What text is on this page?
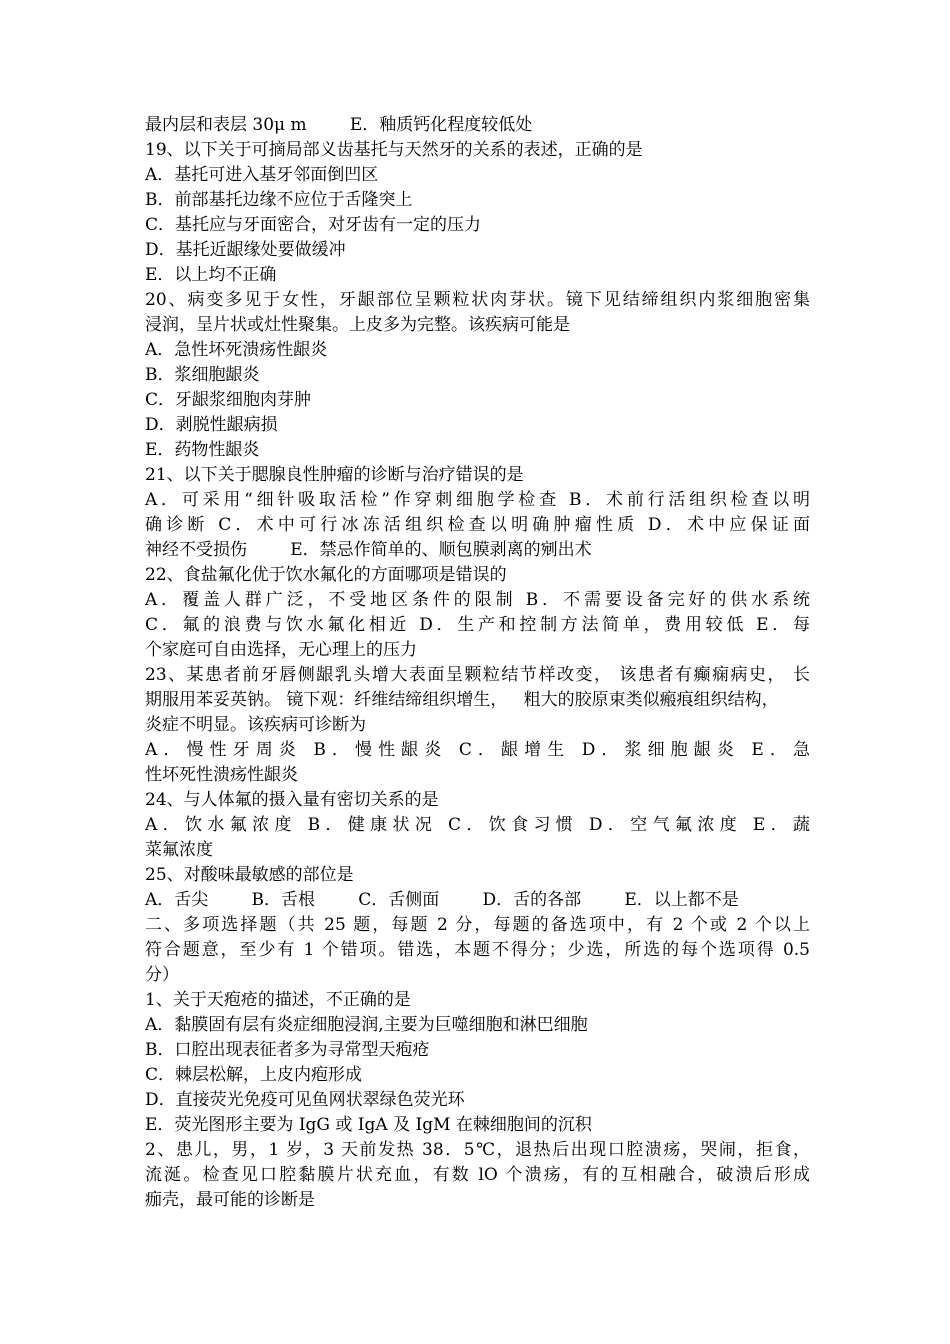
最内层和表层 30μ m        E．釉质钙化程度较低处
19、以下关于可摘局部义齿基托与天然牙的关系的表述，正确的是
A．基托可进入基牙邻面倒凹区
B．前部基托边缘不应位于舌隆突上
C．基托应与牙面密合，对牙齿有一定的压力
D．基托近龈缘处要做缓冲
E．以上均不正确
20、病变多见于女性，牙龈部位呈颗粒状肉芽状。镜下见结缔组织内浆细胞密集
浸润，呈片状或灶性聚集。上皮多为完整。该疾病可能是
A．急性坏死溃疡性龈炎
B．浆细胞龈炎
C．牙龈浆细胞肉芽肿
D．剥脱性龈病损
E．药物性龈炎
21、以下关于腮腺良性肿瘤的诊断与治疗错误的是
A．可采用“细针吸取活检”作穿刺细胞学检查 B．术前行活组织检查以明
确诊断 C．术中可行冰冻活组织检查以明确肿瘤性质 D．术中应保证面
神经不受损伤        E．禁忌作简单的、顺包膜剥离的剜出术
22、食盐氟化优于饮水氟化的方面哪项是错误的
A．覆盖人群广泛，不受地区条件的限制 B．不需要设备完好的供水系统
C．氟的浪费与饮水氟化相近 D．生产和控制方法简单，费用较低 E．每
个家庭可自由选择，无心理上的压力
23、某患者前牙唇侧龈乳头增大表面呈颗粒结节样改变， 该患者有癫痫病史， 长
期服用苯妥英钠。 镜下观：纤维结缔组织增生，   粗大的胶原束类似瘢痕组织结构，
炎症不明显。该疾病可诊断为
A．慢性牙周炎 B．慢性龈炎 C．龈增生 D．浆细胞龈炎 E．急
性坏死性溃疡性龈炎
24、与人体氟的摄入量有密切关系的是
A．饮水氟浓度 B．健康状况 C．饮食习惯 D．空气氟浓度 E．蔬
菜氟浓度
25、对酸味最敏感的部位是
A．舌尖        B．舌根        C．舌侧面        D．舌的各部        E．以上都不是
二、多项选择题（共 25 题，每题 2 分，每题的备选项中，有 2 个或 2 个以上
符合题意，至少有 1 个错项。错选，本题不得分；少选，所选的每个选项得 0.5
分）
1、关于天疱疮的描述，不正确的是
A．黏膜固有层有炎症细胞浸润,主要为巨噬细胞和淋巴细胞
B．口腔出现表征者多为寻常型天疱疮
C．棘层松解，上皮内疱形成
D．直接荧光免疫可见鱼网状翠绿色荧光环
E．荧光图形主要为 IgG 或 IgA 及 IgM 在棘细胞间的沉积
2、患儿，男，1 岁，3 天前发热 38．5℃，退热后出现口腔溃疡，哭闹，拒食，
流涎。检查见口腔黏膜片状充血，有数 lO 个溃疡，有的互相融合，破溃后形成
痂壳，最可能的诊断是
